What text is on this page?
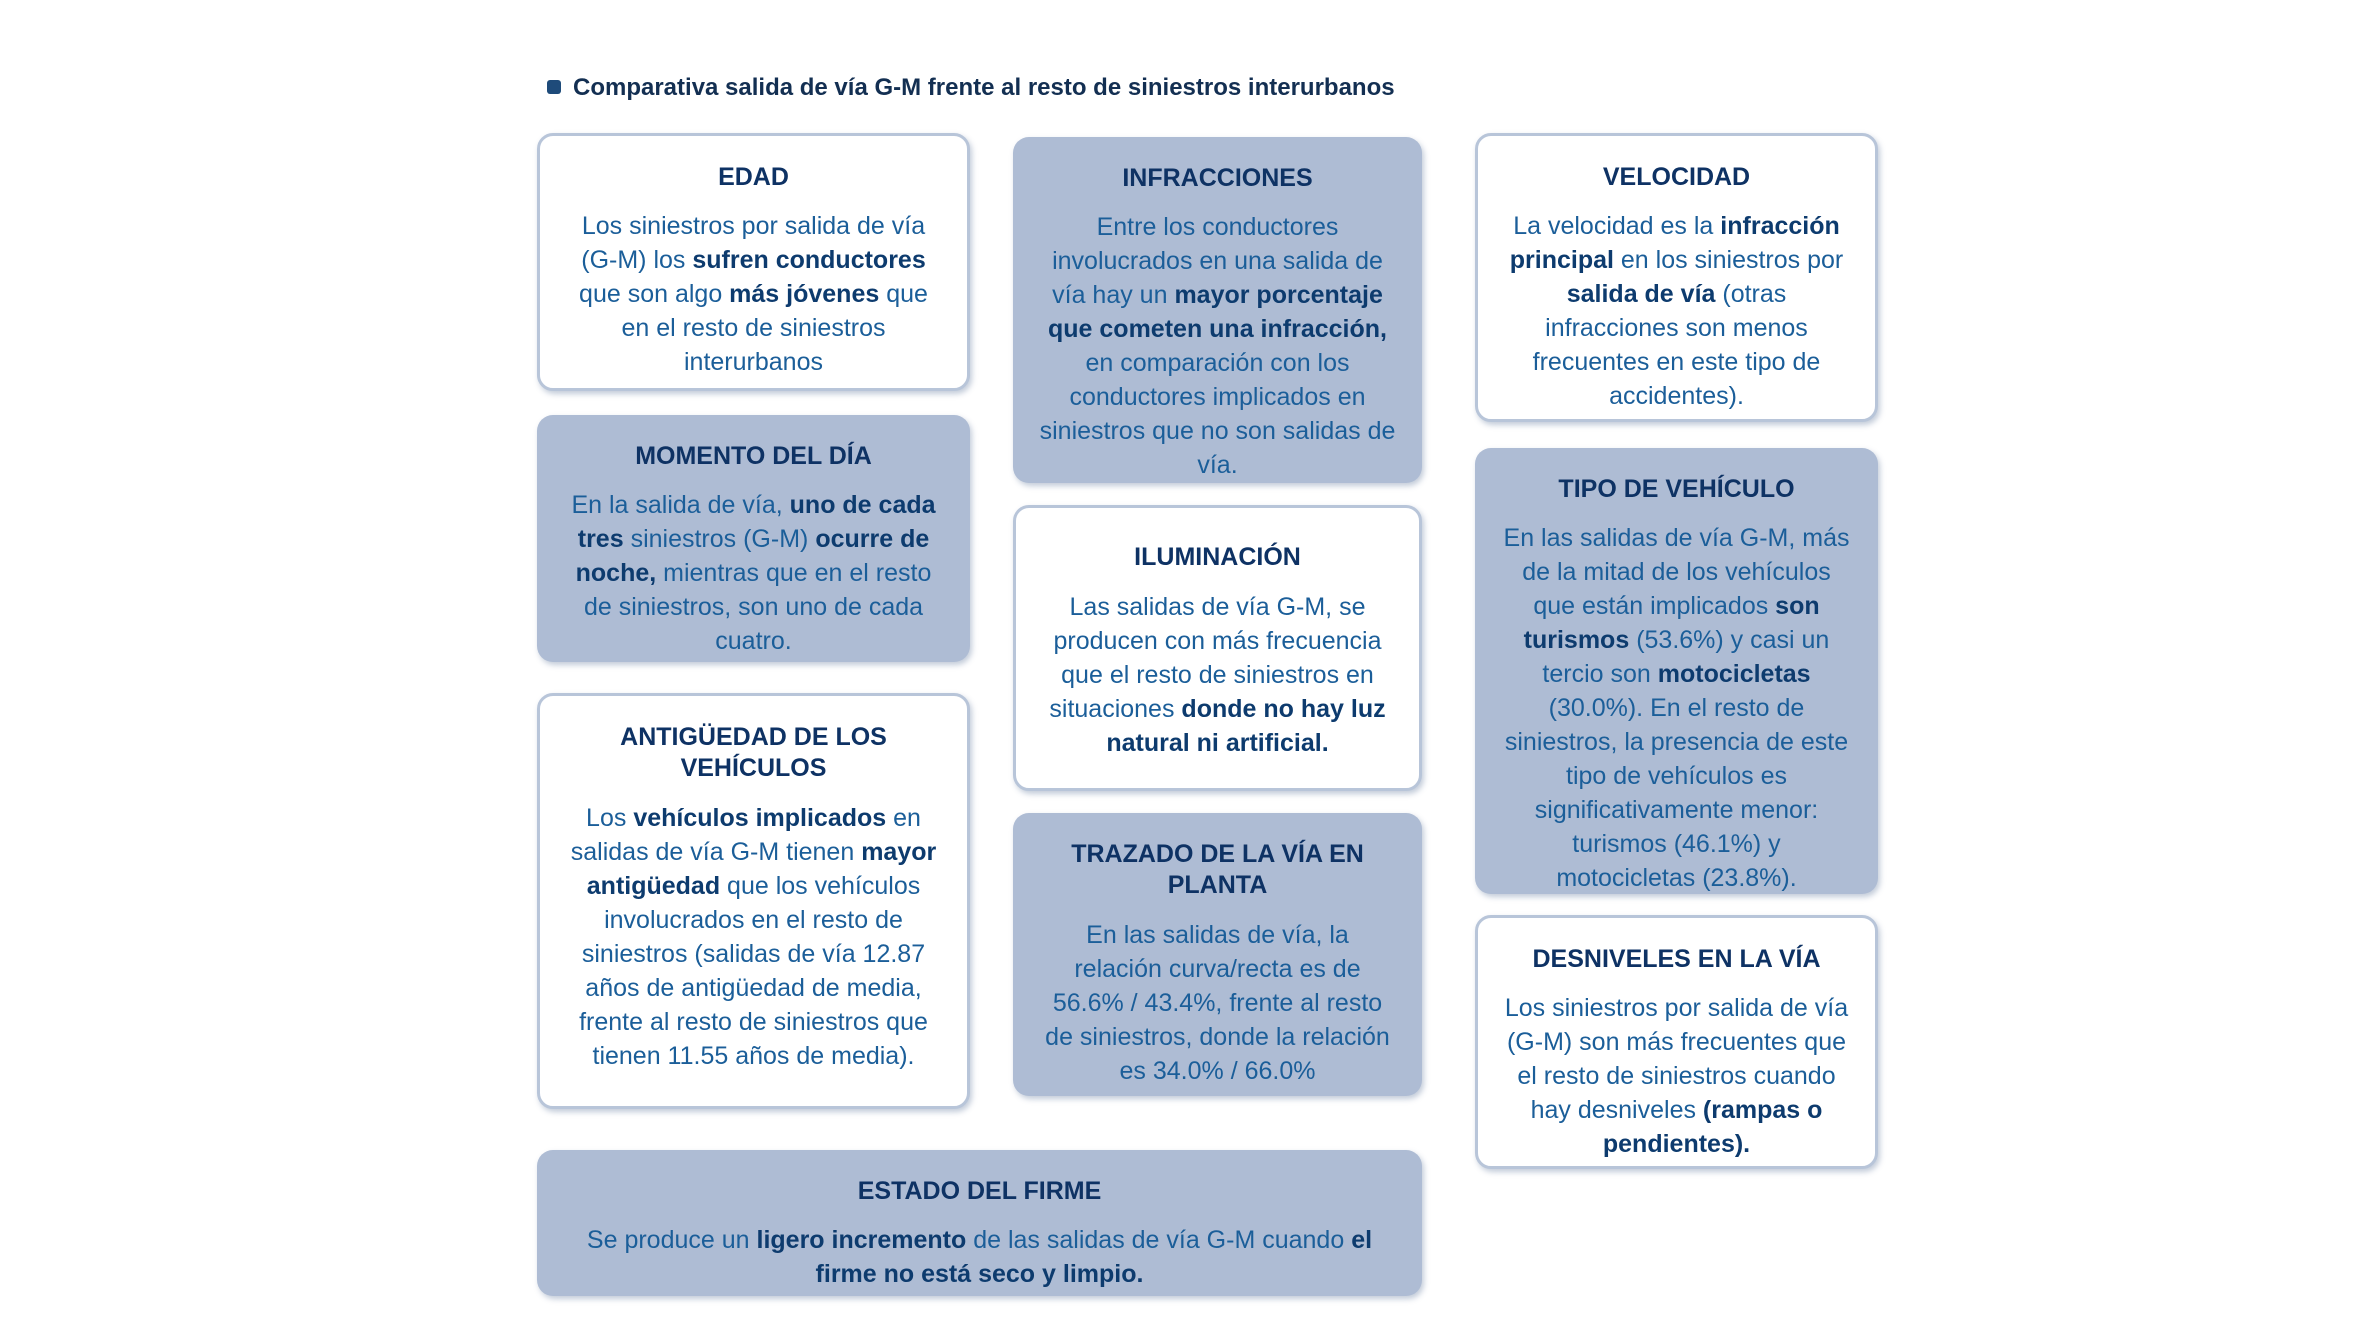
Comparativa salida de vía G-M frente al resto de siniestros interurbanos
EDAD

Los siniestros por salida de vía (G-M) los sufren conductores que son algo más jóvenes que en el resto de siniestros interurbanos

MOMENTO DEL DÍA

En la salida de vía, uno de cada tres siniestros (G-M) ocurre de noche, mientras que en el resto de siniestros, son uno de cada cuatro.

ANTIGÜEDAD DE LOS VEHÍCULOS

Los vehículos implicados en salidas de vía G-M tienen mayor antigüedad que los vehículos involucrados en el resto de siniestros (salidas de vía 12.87 años de antigüedad de media, frente al resto de siniestros que tienen 11.55 años de media).

INFRACCIONES

Entre los conductores involucrados en una salida de vía hay un mayor porcentaje que cometen una infracción, en comparación con los conductores implicados en siniestros que no son salidas de vía.

ILUMINACIÓN

Las salidas de vía G-M, se producen con más frecuencia que el resto de siniestros en situaciones donde no hay luz natural ni artificial.

TRAZADO DE LA VÍA EN PLANTA

En las salidas de vía, la relación curva/recta es de 56.6% / 43.4%, frente al resto de siniestros, donde la relación es 34.0% / 66.0%

VELOCIDAD

La velocidad es la infracción principal en los siniestros por salida de vía (otras infracciones son menos frecuentes en este tipo de accidentes).

TIPO DE VEHÍCULO

En las salidas de vía G-M, más de la mitad de los vehículos que están implicados son turismos (53.6%) y casi un tercio son motocicletas (30.0%). En el resto de siniestros, la presencia de este tipo de vehículos es significativamente menor: turismos (46.1%) y motocicletas (23.8%).

DESNIVELES EN LA VÍA

Los siniestros por salida de vía (G-M) son más frecuentes que el resto de siniestros cuando hay desniveles (rampas o pendientes).

ESTADO DEL FIRME

Se produce un ligero incremento de las salidas de vía G-M cuando el firme no está seco y limpio.
